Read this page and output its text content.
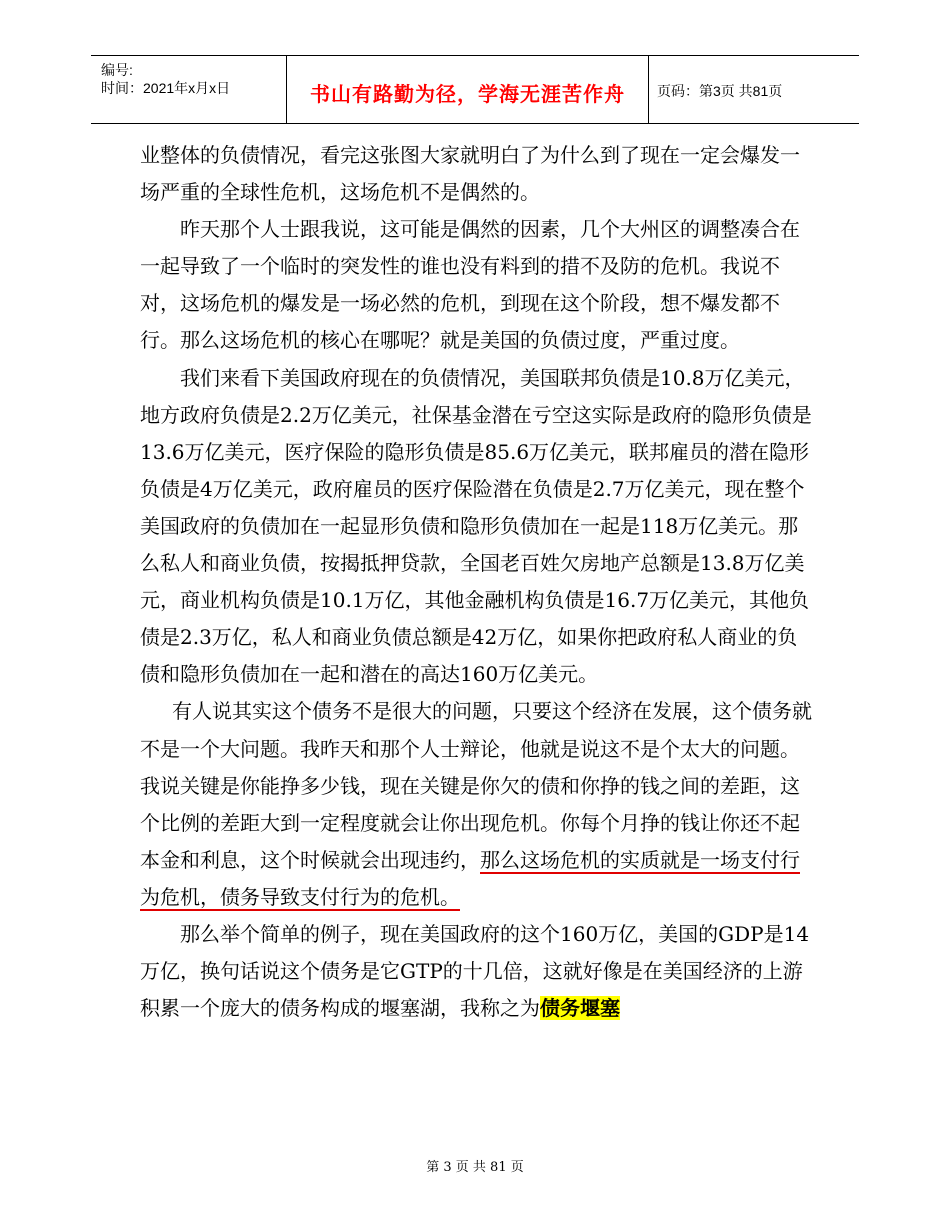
编号:
时间：2021年x月x日	书山有路勤为径，学海无涯苦作舟	页码：第3页 共81页

业整体的负债情况，看完这张图大家就明白了为什么到了现在一定会爆发一场严重的全球性危机，这场危机不是偶然的。

昨天那个人士跟我说，这可能是偶然的因素，几个大州区的调整凑合在一起导致了一个临时的突发性的谁也没有料到的措不及防的危机。我说不对，这场危机的爆发是一场必然的危机，到现在这个阶段，想不爆发都不行。那么这场危机的核心在哪呢？就是美国的负债过度，严重过度。

我们来看下美国政府现在的负债情况，美国联邦负债是10.8万亿美元，地方政府负债是2.2万亿美元，社保基金潜在亏空这实际是政府的隐形负债是13.6万亿美元，医疗保险的隐形负债是85.6万亿美元，联邦雇员的潜在隐形负债是4万亿美元，政府雇员的医疗保险潜在负债是2.7万亿美元，现在整个美国政府的负债加在一起显形负债和隐形负债加在一起是118万亿美元。那么私人和商业负债，按揭抵押贷款，全国老百姓欠房地产总额是13.8万亿美元，商业机构负债是10.1万亿，其他金融机构负债是16.7万亿美元，其他负债是2.3万亿，私人和商业负债总额是42万亿，如果你把政府私人商业的负债和隐形负债加在一起和潜在的高达160万亿美元。

有人说其实这个债务不是很大的问题，只要这个经济在发展，这个债务就不是一个大问题。我昨天和那个人士辩论，他就是说这不是个太大的问题。我说关键是你能挣多少钱，现在关键是你欠的债和你挣的钱之间的差距，这个比例的差距大到一定程度就会让你出现危机。你每个月挣的钱让你还不起本金和利息，这个时候就会出现违约，那么这场危机的实质就是一场支付行为危机，债务导致支付行为的危机。

那么举个简单的例子，现在美国政府的这个160万亿，美国的GDP是14万亿，换句话说这个债务是它GTP的十几倍，这就好像是在美国经济的上游积累一个庞大的债务构成的堰塞湖，我称之为债务堰塞

第 3 页 共 81 页
